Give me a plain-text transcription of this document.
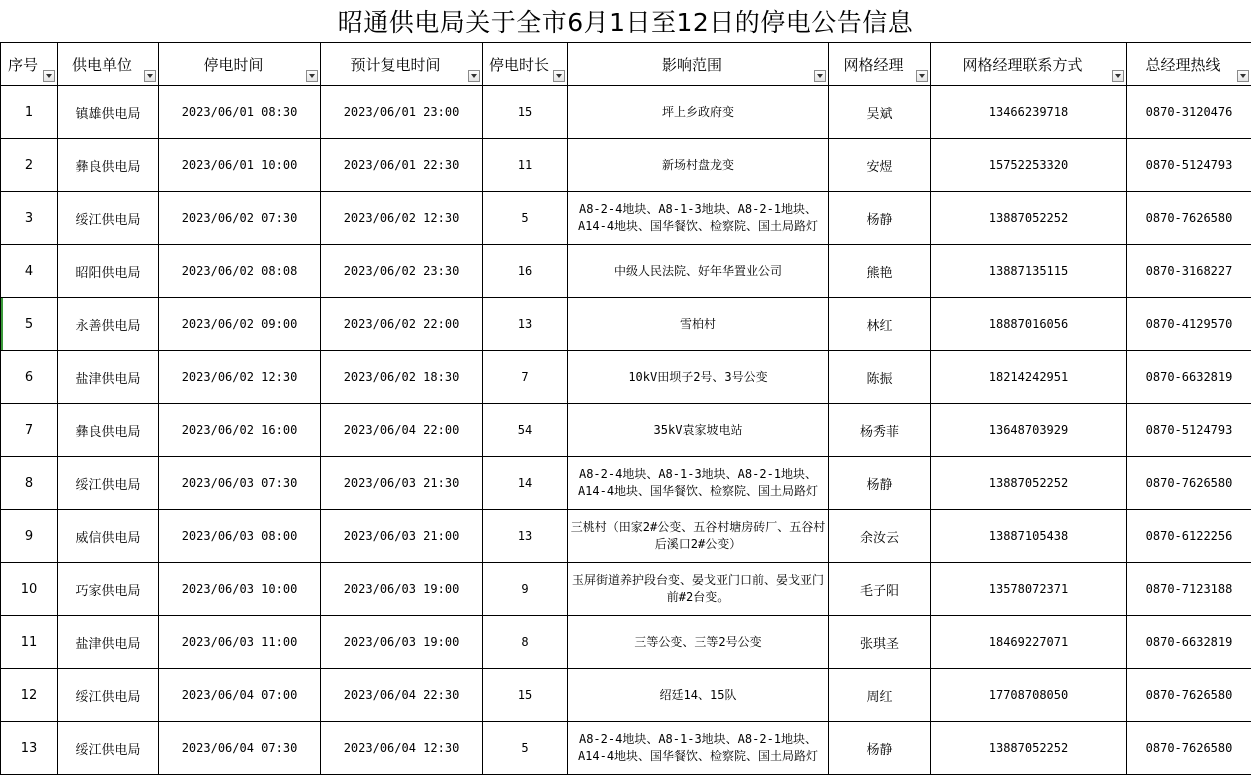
昭通供电局关于全市6月1日至12日的停电公告信息
序号	供电单位	停电时间	预计复电时间	停电时长	影响范围	网格经理	网格经理联系方式	总经理热线

1	镇雄供电局	2023/06/01 08:30	2023/06/01 23:00	15	坪上乡政府变	吴斌	13466239718	0870-3120476
2	彝良供电局	2023/06/01 10:00	2023/06/01 22:30	11	新场村盘龙变	安煜	15752253320	0870-5124793
3	绥江供电局	2023/06/02 07:30	2023/06/02 12:30	5	A8-2-4地块、A8-1-3地块、A8-2-1地块、A14-4地块、国华餐饮、检察院、国土局路灯	杨静	13887052252	0870-7626580
4	昭阳供电局	2023/06/02 08:08	2023/06/02 23:30	16	中级人民法院、好年华置业公司	熊艳	13887135115	0870-3168227
5	永善供电局	2023/06/02 09:00	2023/06/02 22:00	13	雪柏村	林红	18887016056	0870-4129570
6	盐津供电局	2023/06/02 12:30	2023/06/02 18:30	7	10kV田坝子2号、3号公变	陈振	18214242951	0870-6632819
7	彝良供电局	2023/06/02 16:00	2023/06/04 22:00	54	35kV袁家坡电站	杨秀菲	13648703929	0870-5124793
8	绥江供电局	2023/06/03 07:30	2023/06/03 21:30	14	A8-2-4地块、A8-1-3地块、A8-2-1地块、A14-4地块、国华餐饮、检察院、国土局路灯	杨静	13887052252	0870-7626580
9	威信供电局	2023/06/03 08:00	2023/06/03 21:00	13	三桃村（田家2#公变、五谷村塘房砖厂、五谷村后溪口2#公变）	余汝云	13887105438	0870-6122256
10	巧家供电局	2023/06/03 10:00	2023/06/03 19:00	9	玉屏街道养护段台变、晏戈亚门口前、晏戈亚门前#2台变。	毛子阳	13578072371	0870-7123188
11	盐津供电局	2023/06/03 11:00	2023/06/03 19:00	8	三等公变、三等2号公变	张琪圣	18469227071	0870-6632819
12	绥江供电局	2023/06/04 07:00	2023/06/04 22:30	15	绍廷14、15队	周红	17708708050	0870-7626580
13	绥江供电局	2023/06/04 07:30	2023/06/04 12:30	5	A8-2-4地块、A8-1-3地块、A8-2-1地块、A14-4地块、国华餐饮、检察院、国土局路灯	杨静	13887052252	0870-7626580
